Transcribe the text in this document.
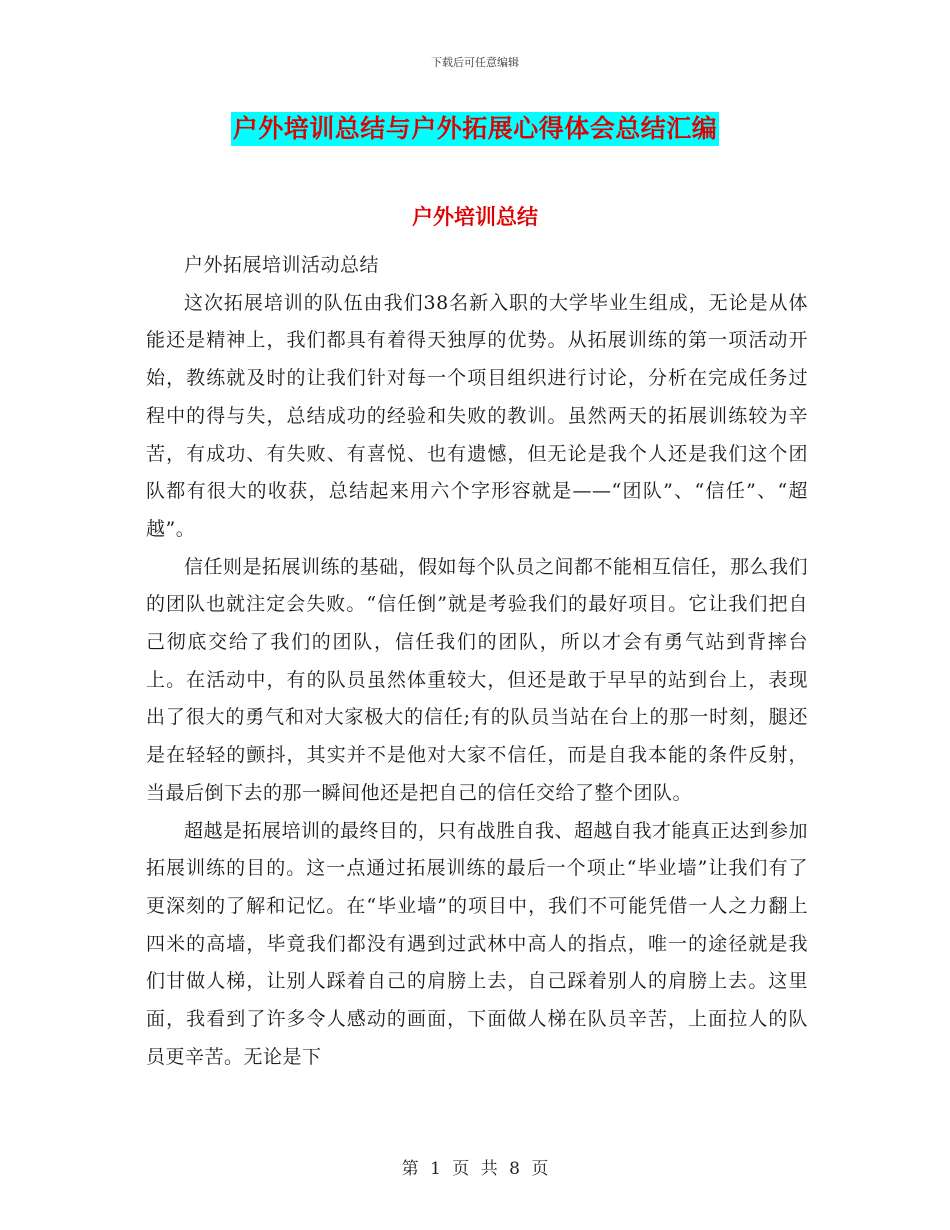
下载后可任意编辑
户外培训总结与户外拓展心得体会总结汇编
户外培训总结

户外拓展培训活动总结

这次拓展培训的队伍由我们38名新入职的大学毕业生组成，无论是从体能还是精神上，我们都具有着得天独厚的优势。从拓展训练的第一项活动开始，教练就及时的让我们针对每一个项目组织进行讨论，分析在完成任务过程中的得与失，总结成功的经验和失败的教训。虽然两天的拓展训练较为辛苦，有成功、有失败、有喜悦、也有遗憾，但无论是我个人还是我们这个团队都有很大的收获，总结起来用六个字形容就是——“团队”、“信任”、“超越”。

信任则是拓展训练的基础，假如每个队员之间都不能相互信任，那么我们的团队也就注定会失败。“信任倒”就是考验我们的最好项目。它让我们把自己彻底交给了我们的团队，信任我们的团队，所以才会有勇气站到背摔台上。在活动中，有的队员虽然体重较大，但还是敢于早早的站到台上，表现出了很大的勇气和对大家极大的信任;有的队员当站在台上的那一时刻，腿还是在轻轻的颤抖，其实并不是他对大家不信任，而是自我本能的条件反射，当最后倒下去的那一瞬间他还是把自己的信任交给了整个团队。

超越是拓展培训的最终目的，只有战胜自我、超越自我才能真正达到参加拓展训练的目的。这一点通过拓展训练的最后一个项止“毕业墙”让我们有了更深刻的了解和记忆。在“毕业墙”的项目中，我们不可能凭借一人之力翻上四米的高墙，毕竟我们都没有遇到过武林中高人的指点，唯一的途径就是我们甘做人梯，让别人踩着自己的肩膀上去，自己踩着别人的肩膀上去。这里面，我看到了许多令人感动的画面，下面做人梯在队员辛苦，上面拉人的队员更辛苦。无论是下

第 1 页 共 8 页
